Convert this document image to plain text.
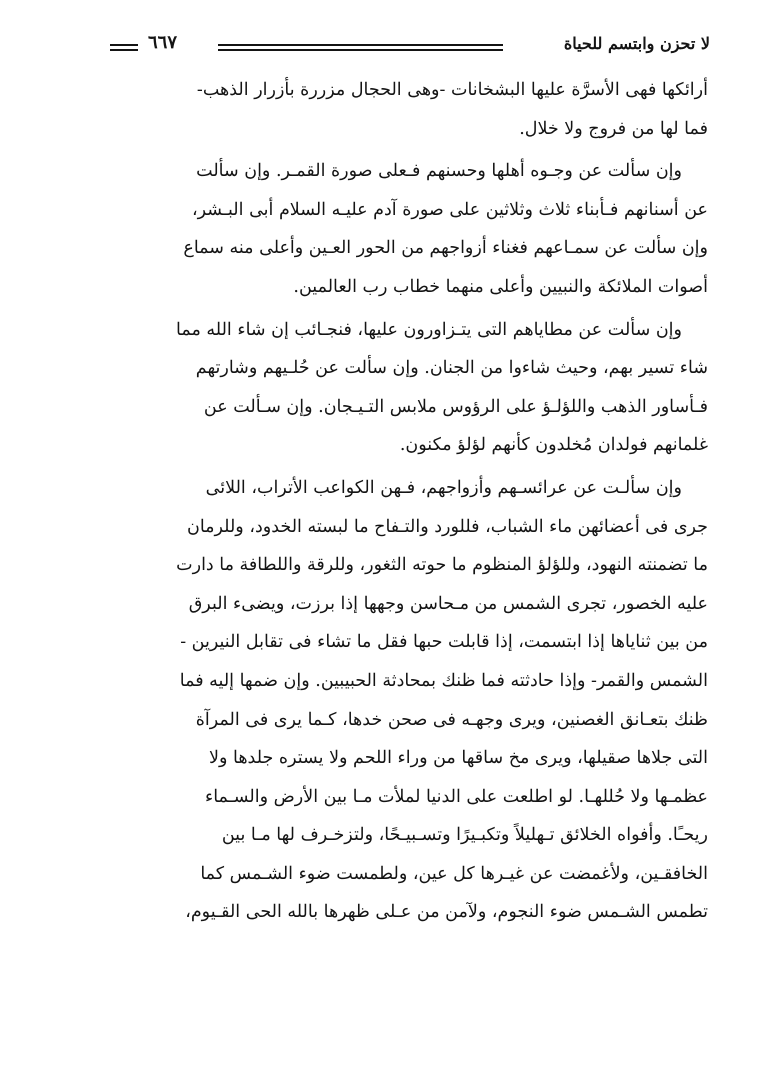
٦٦٧	لا تحزن وابتسم للحياة
أرائكها فهى الأسرَّة عليها البشخانات -وهى الحجال مزررة بأزرار الذهب-
فما لها من فروج ولا خلال.
وإن سألت عن وجـوه أهلها وحسنهم فـعلى صورة القمـر. وإن سألت
عن أسنانهم فـأبناء ثلاث وثلاثين على صورة آدم عليـه السلام أبى البـشر،
وإن سألت عن سمـاعهم فغناء أزواجهم من الحور العـين وأعلى منه سماع
أصوات الملائكة والنبيين وأعلى منهما خطاب رب العالمين.
وإن سألت عن مطاياهم التى يتـزاورون عليها، فنجـائب إن شاء الله مما
شاء تسير بهم، وحيث شاءوا من الجنان. وإن سألت عن حُلـيهم وشارتهم
فـأساور الذهب واللؤلـؤ على الرؤوس ملابس التـيـجان. وإن سـألت عن
غلمانهم فولدان مُخلدون كأنهم لؤلؤ مكنون.
وإن سألـت عن عرائسـهم وأزواجهم، فـهن الكواعب الأتراب، اللائى
جرى فى أعضائهن ماء الشباب، فللورد والتـفاح ما لبسته الخدود، وللرمان
ما تضمنته النهود، وللؤلؤ المنظوم ما حوته الثغور، وللرقة واللطافة ما دارت
عليه الخصور، تجرى الشمس من مـحاسن وجهها إذا برزت، ويضىء البرق
من بين ثناياها إذا ابتسمت، إذا قابلت حبها فقل ما تشاء فى تقابل النيرين -
الشمس والقمر- وإذا حادثته فما ظنك بمحادثة الحبيبين. وإن ضمها إليه فما
ظنك بتعـانق الغصنين، ويرى وجهـه فى صحن خدها، كـما يرى فى المرآة
التى جلاها صقيلها، ويرى مخ ساقها من وراء اللحم ولا يستره جلدها ولا
عظمـها ولا حُللهـا. لو اطلعت على الدنيا لملأت مـا بين الأرض والسـماء
ريحـًا. وأفواه الخلائق تـهليلاً وتكبـيرًا وتسـبيـحًا، ولتزخـرف لها مـا بين
الخافقـين، ولأغمضت عن غيـرها كل عين، ولطمست ضوء الشـمس كما
تطمس الشـمس ضوء النجوم، ولآمن من عـلى ظهرها بالله الحى القـيوم،
